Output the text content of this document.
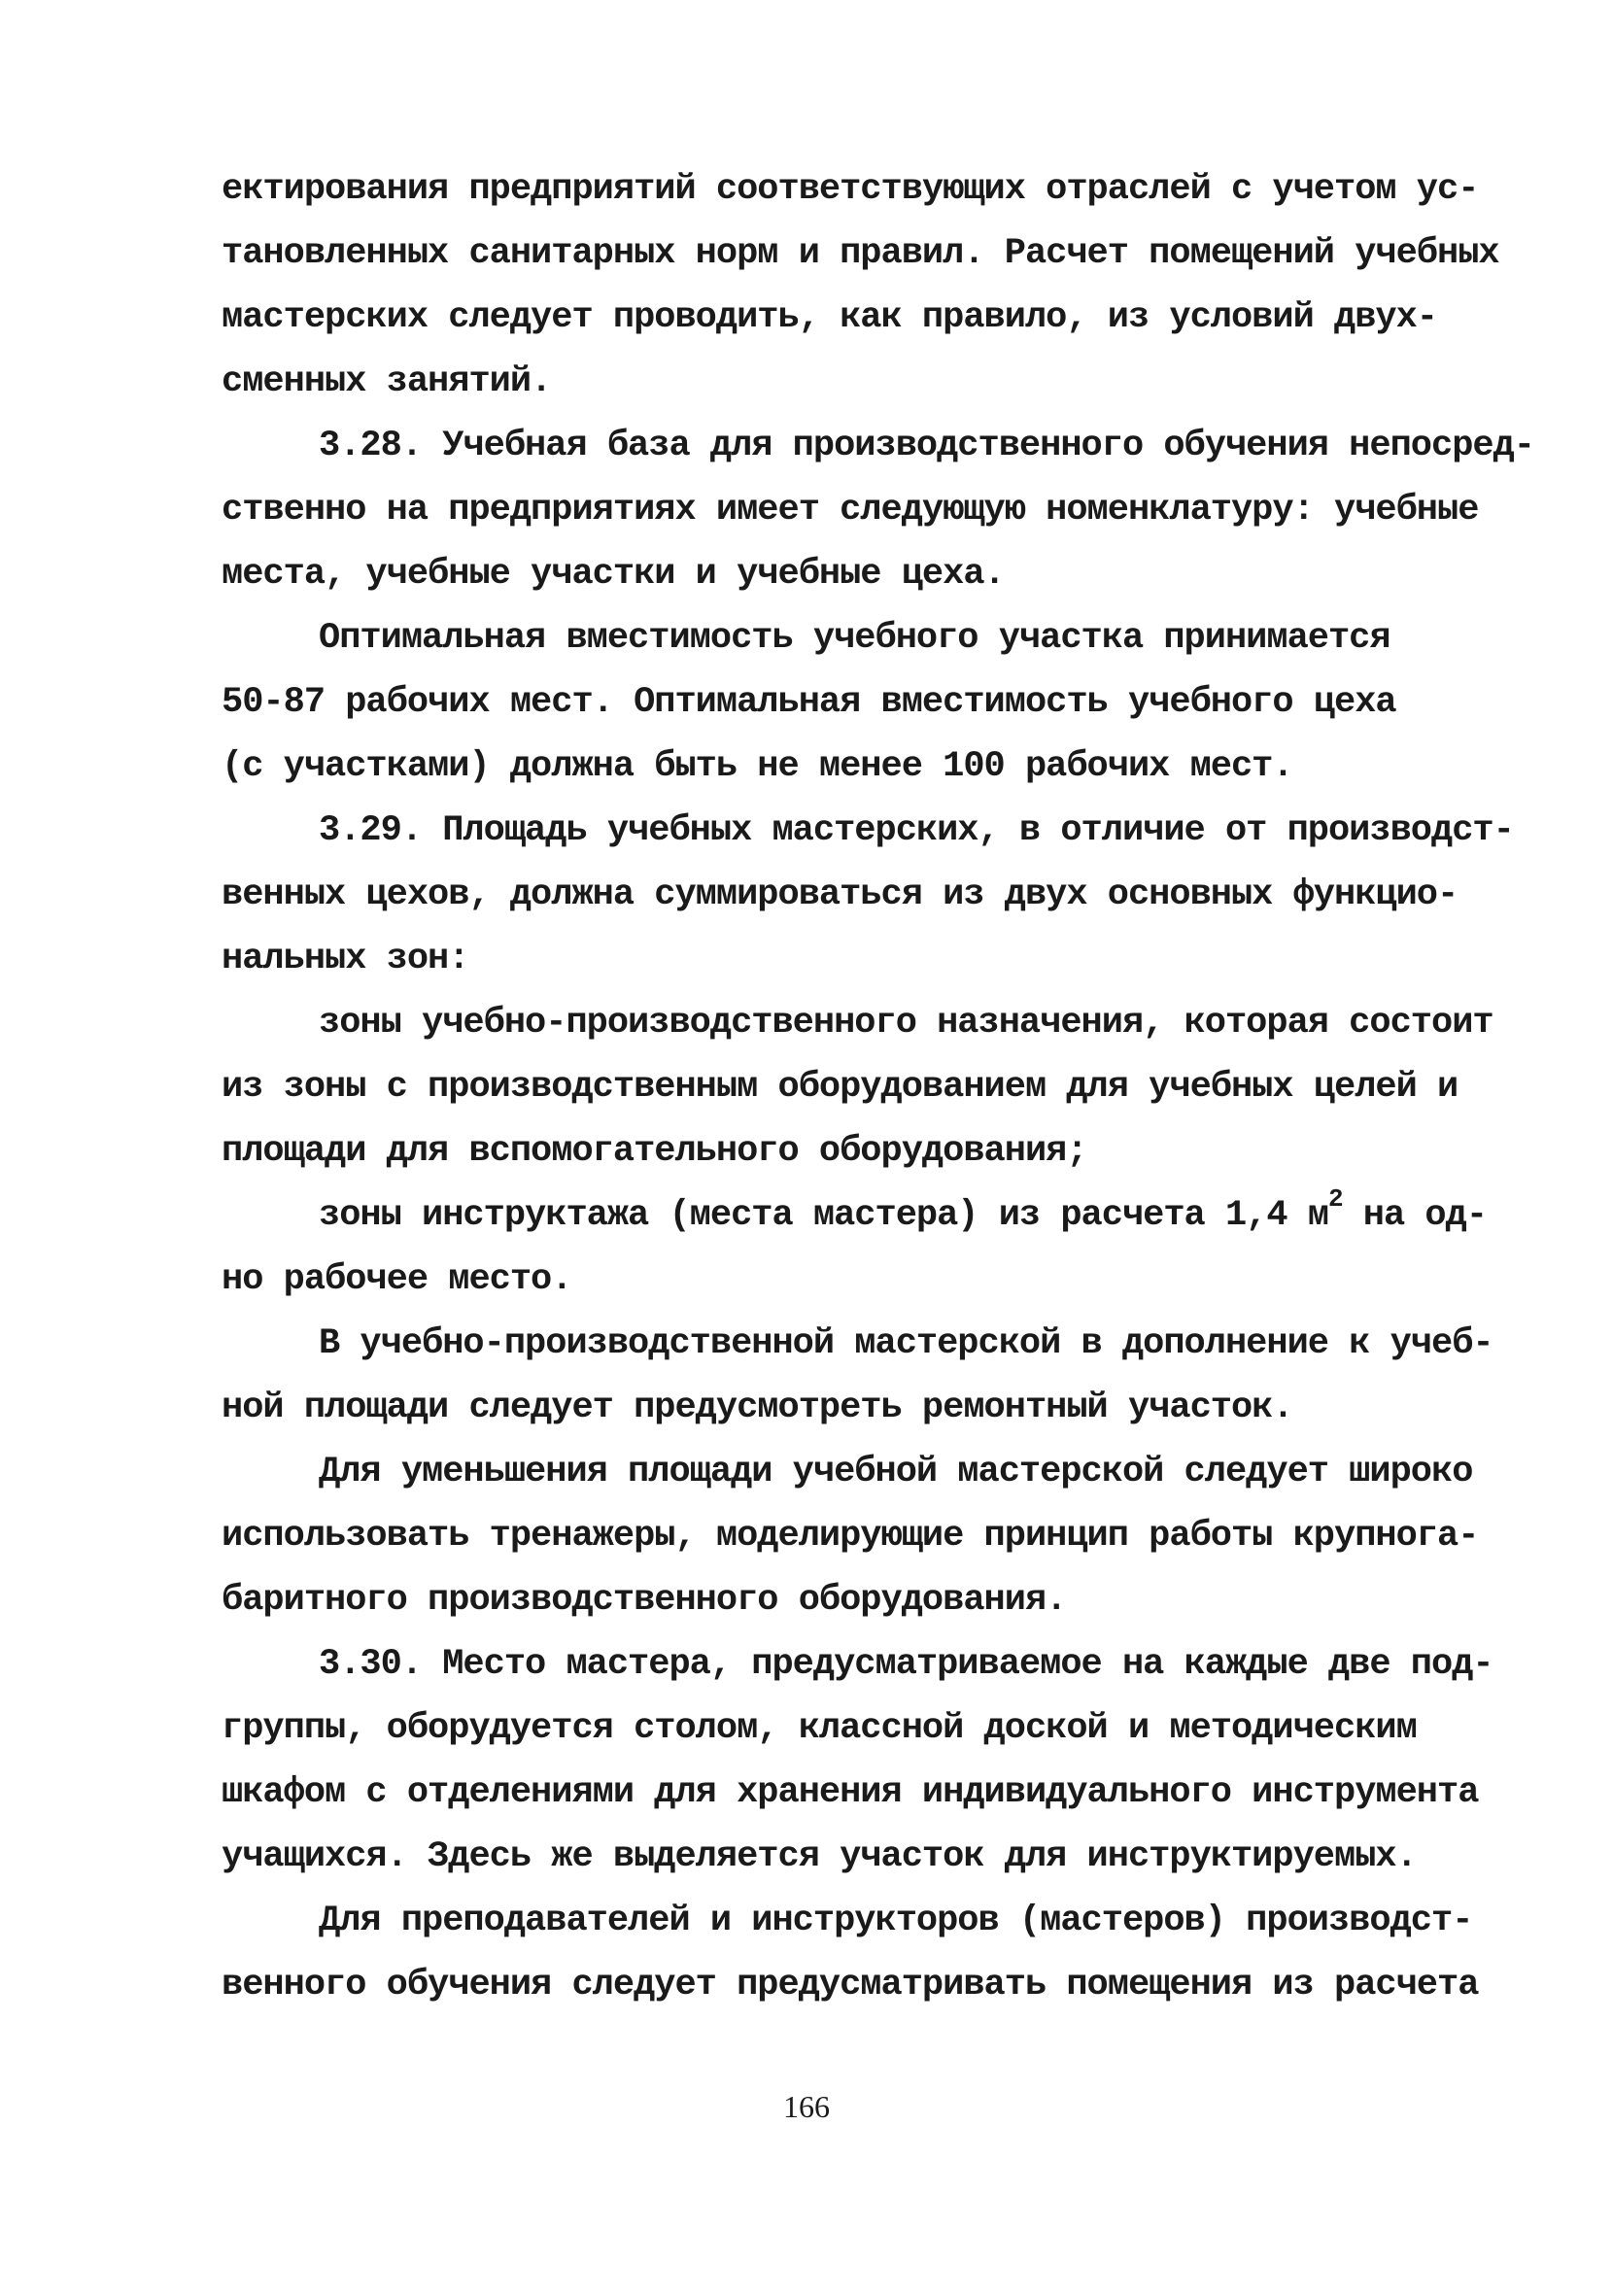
ектирования предприятий соответствующих отраслей с учетом ус-
тановленных санитарных норм и правил. Расчет помещений учебных
мастерских следует проводить, как правило, из условий двух-
сменных занятий.
3.28. Учебная база для производственного обучения непосред-
ственно на предприятиях имеет следующую номенклатуру: учебные
места, учебные участки и учебные цеха.
Оптимальная вместимость учебного участка принимается
50-87 рабочих мест. Оптимальная вместимость учебного цеха
(с участками) должна быть не менее 100 рабочих мест.
3.29. Площадь учебных мастерских, в отличие от производст-
венных цехов, должна суммироваться из двух основных функцио-
нальных зон:
зоны учебно-производственного назначения, которая состоит
из зоны с производственным оборудованием для учебных целей и
площади для вспомогательного оборудования;
зоны инструктажа (места мастера) из расчета 1,4 $м^2$ на од-
но рабочее место.
В учебно-производственной мастерской в дополнение к учеб-
ной площади следует предусмотреть ремонтный участок.
Для уменьшения площади учебной мастерской следует широко
использовать тренажеры, моделирующие принцип работы крупнога-
баритного производственного оборудования.
3.30. Место мастера, предусматриваемое на каждые две под-
группы, оборудуется столом, классной доской и методическим
шкафом с отделениями для хранения индивидуального инструмента
учащихся. Здесь же выделяется участок для инструктируемых.
Для преподавателей и инструкторов (мастеров) производст-
венного обучения следует предусматривать помещения из расчета
166
